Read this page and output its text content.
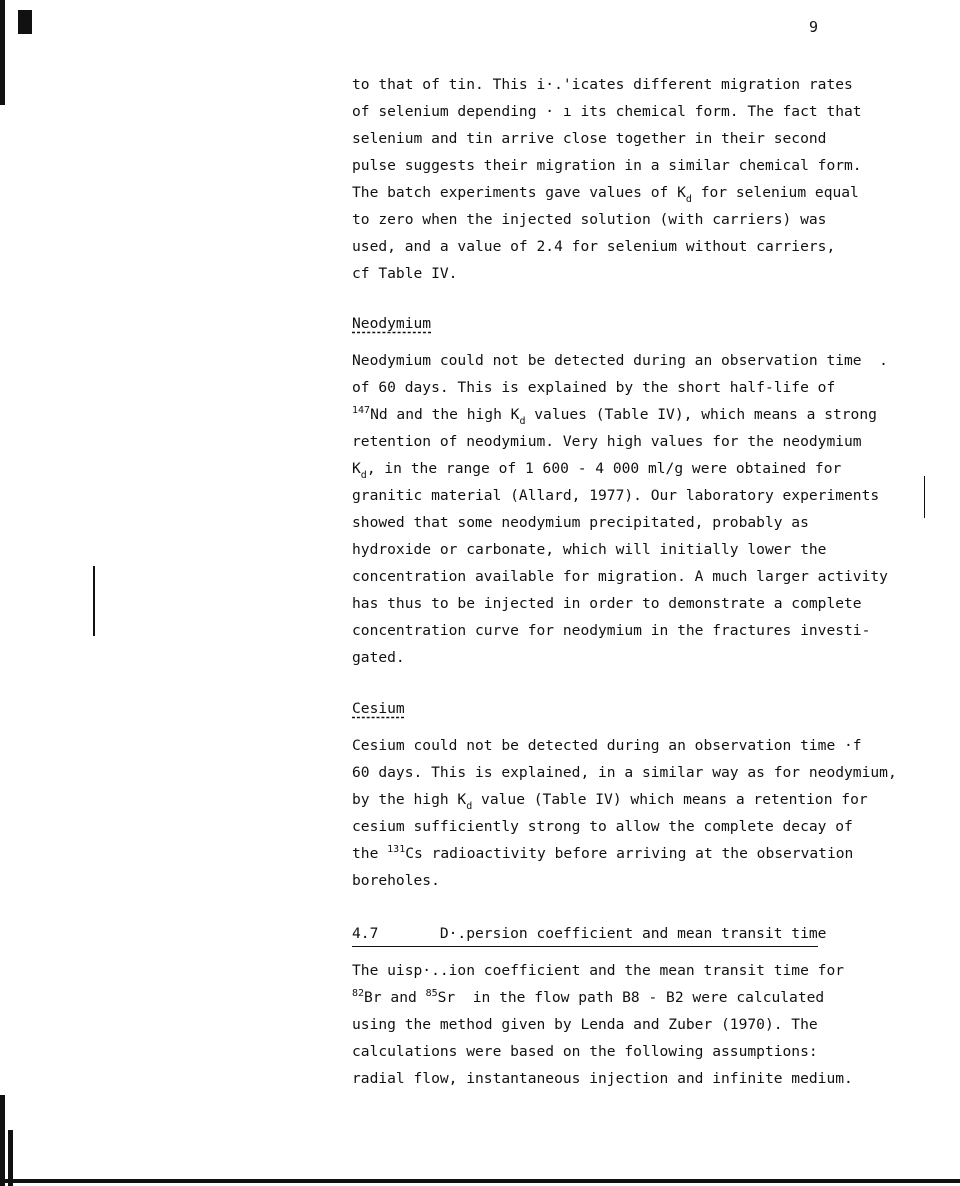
9
to that of tin. This i·.'icates different migration rates
of selenium depending · ı its chemical form. The fact that
selenium and tin arrive close together in their second
pulse suggests their migration in a similar chemical form.
The batch experiments gave values of $K_d$ for selenium equal
to zero when the injected solution (with carriers) was
used, and a value of 2.4 for selenium without carriers,
cf Table IV.
Neodymium
Neodymium could not be detected during an observation time  .
of 60 days. This is explained by the short half-life of
$^{147}$Nd and the high $K_d$ values (Table IV), which means a strong
retention of neodymium. Very high values for the neodymium
$K_d$, in the range of 1 600 - 4 000 ml/g were obtained for
granitic material (Allard, 1977). Our laboratory experiments
showed that some neodymium precipitated, probably as
hydroxide or carbonate, which will initially lower the
concentration available for migration. A much larger activity
has thus to be injected in order to demonstrate a complete
concentration curve for neodymium in the fractures investi-
gated.
Cesium
Cesium could not be detected during an observation time ·f
60 days. This is explained, in a similar way as for neodymium,
by the high $K_d$ value (Table IV) which means a retention for
cesium sufficiently strong to allow the complete decay of
the $^{131}$Cs radioactivity before arriving at the observation
boreholes.
4.7       D·.persion coefficient and mean transit time
The uisp·..ion coefficient and the mean transit time for
$^{82}$Br and $^{85}$Sr  in the flow path B8 - B2 were calculated
using the method given by Lenda and Zuber (1970). The
calculations were based on the following assumptions:
radial flow, instantaneous injection and infinite medium.
